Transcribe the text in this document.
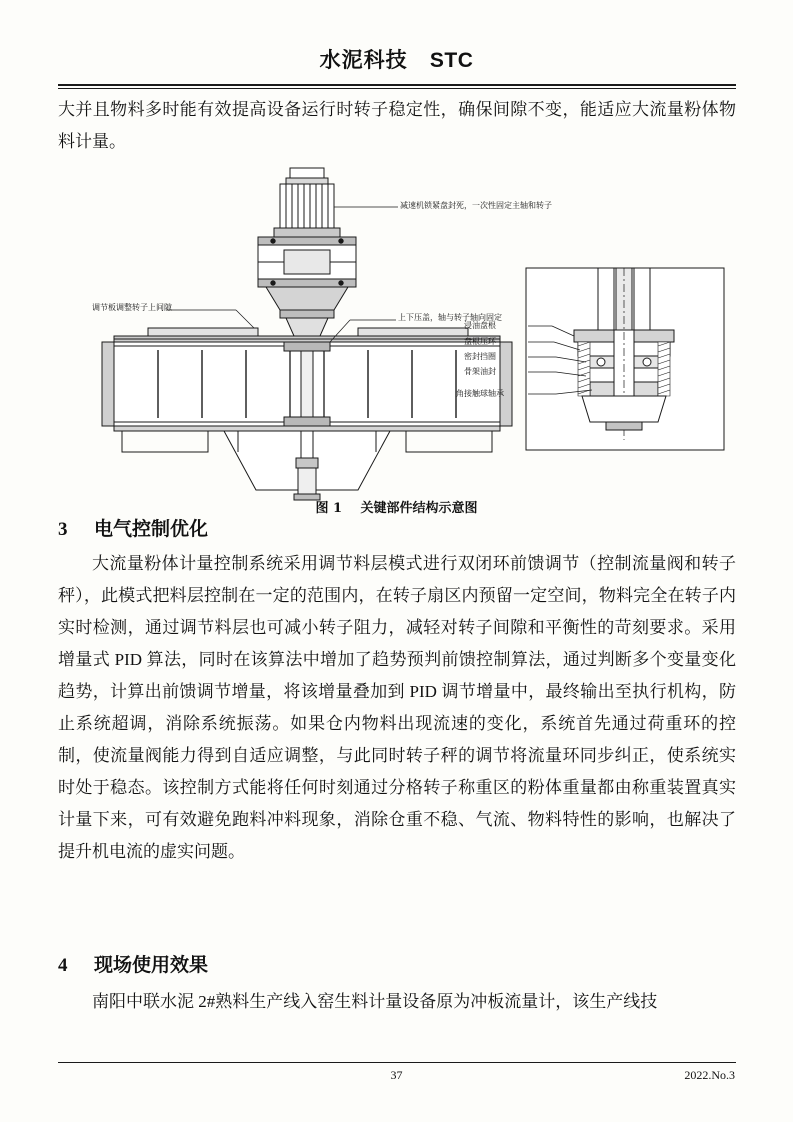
水泥科技 STC
大并且物料多时能有效提高设备运行时转子稳定性，确保间隙不变，能适应大流量粉体物料计量。
减速机锁紧盘封死，一次性固定主轴和转子
调节板调整转子上间隙
上下压盖，轴与转子轴向固定
浸油盘根
盘根压环
密封挡圈
骨架油封
角接触球轴承
图 1 关键部件结构示意图
3 电气控制优化
大流量粉体计量控制系统采用调节料层模式进行双闭环前馈调节（控制流量阀和转子秤），此模式把料层控制在一定的范围内，在转子扇区内预留一定空间，物料完全在转子内实时检测，通过调节料层也可减小转子阻力，减轻对转子间隙和平衡性的苛刻要求。采用增量式 PID 算法，同时在该算法中增加了趋势预判前馈控制算法，通过判断多个变量变化趋势，计算出前馈调节增量，将该增量叠加到 PID 调节增量中，最终输出至执行机构，防止系统超调，消除系统振荡。如果仓内物料出现流速的变化，系统首先通过荷重环的控制，使流量阀能力得到自适应调整，与此同时转子秤的调节将流量环同步纠正，使系统实时处于稳态。该控制方式能将任何时刻通过分格转子称重区的粉体重量都由称重装置真实计量下来，可有效避免跑料冲料现象，消除仓重不稳、气流、物料特性的影响，也解决了提升机电流的虚实问题。
4 现场使用效果
南阳中联水泥 2#熟料生产线入窑生料计量设备原为冲板流量计，该生产线技
37	2022.No.3
